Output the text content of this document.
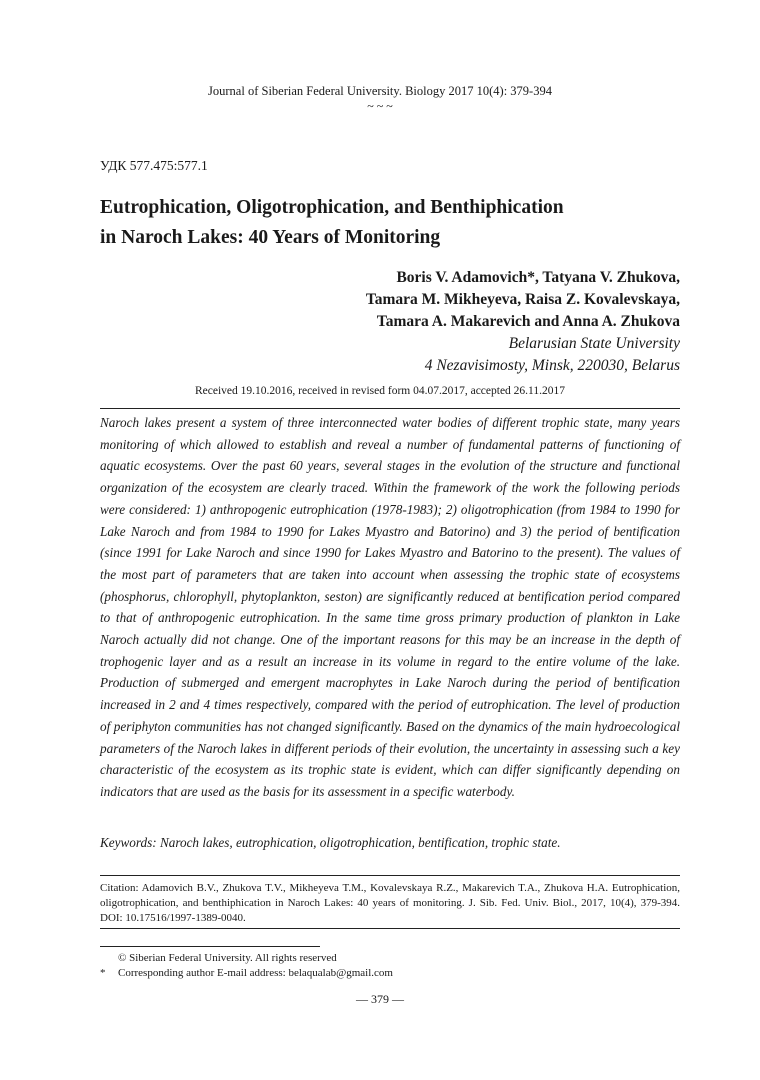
Journal of Siberian Federal University. Biology 2017 10(4): 379-394
~ ~ ~
УДК 577.475:577.1
Eutrophication, Oligotrophication, and Benthiphication
in Naroch Lakes: 40 Years of Monitoring
Boris V. Adamovich*, Tatyana V. Zhukova,
Tamara M. Mikheyeva, Raisa Z. Kovalevskaya,
Tamara A. Makarevich and Anna A. Zhukova
Belarusian State University
4 Nezavisimosty, Minsk, 220030, Belarus
Received 19.10.2016, received in revised form 04.07.2017, accepted 26.11.2017
Naroch lakes present a system of three interconnected water bodies of different trophic state, many years monitoring of which allowed to establish and reveal a number of fundamental patterns of functioning of aquatic ecosystems. Over the past 60 years, several stages in the evolution of the structure and functional organization of the ecosystem are clearly traced. Within the framework of the work the following periods were considered: 1) anthropogenic eutrophication (1978-1983); 2) oligotrophication (from 1984 to 1990 for Lake Naroch and from 1984 to 1990 for Lakes Myastro and Batorino) and 3) the period of bentification (since 1991 for Lake Naroch and since 1990 for Lakes Myastro and Batorino to the present). The values of the most part of parameters that are taken into account when assessing the trophic state of ecosystems (phosphorus, chlorophyll, phytoplankton, seston) are significantly reduced at bentification period compared to that of anthropogenic eutrophication. In the same time gross primary production of plankton in Lake Naroch actually did not change. One of the important reasons for this may be an increase in the depth of trophogenic layer and as a result an increase in its volume in regard to the entire volume of the lake. Production of submerged and emergent macrophytes in Lake Naroch during the period of bentification increased in 2 and 4 times respectively, compared with the period of eutrophication. The level of production of periphyton communities has not changed significantly. Based on the dynamics of the main hydroecological parameters of the Naroch lakes in different periods of their evolution, the uncertainty in assessing such a key characteristic of the ecosystem as its trophic state is evident, which can differ significantly depending on indicators that are used as the basis for its assessment in a specific waterbody.
Keywords: Naroch lakes, eutrophication, oligotrophication, bentification, trophic state.
Citation: Adamovich B.V., Zhukova T.V., Mikheyeva T.M., Kovalevskaya R.Z., Makarevich T.A., Zhukova H.A. Eutrophication, oligotrophication, and benthiphication in Naroch Lakes: 40 years of monitoring. J. Sib. Fed. Univ. Biol., 2017, 10(4), 379-394. DOI: 10.17516/1997-1389-0040.
© Siberian Federal University. All rights reserved
* Corresponding author E-mail address: belaqualab@gmail.com
— 379 —
